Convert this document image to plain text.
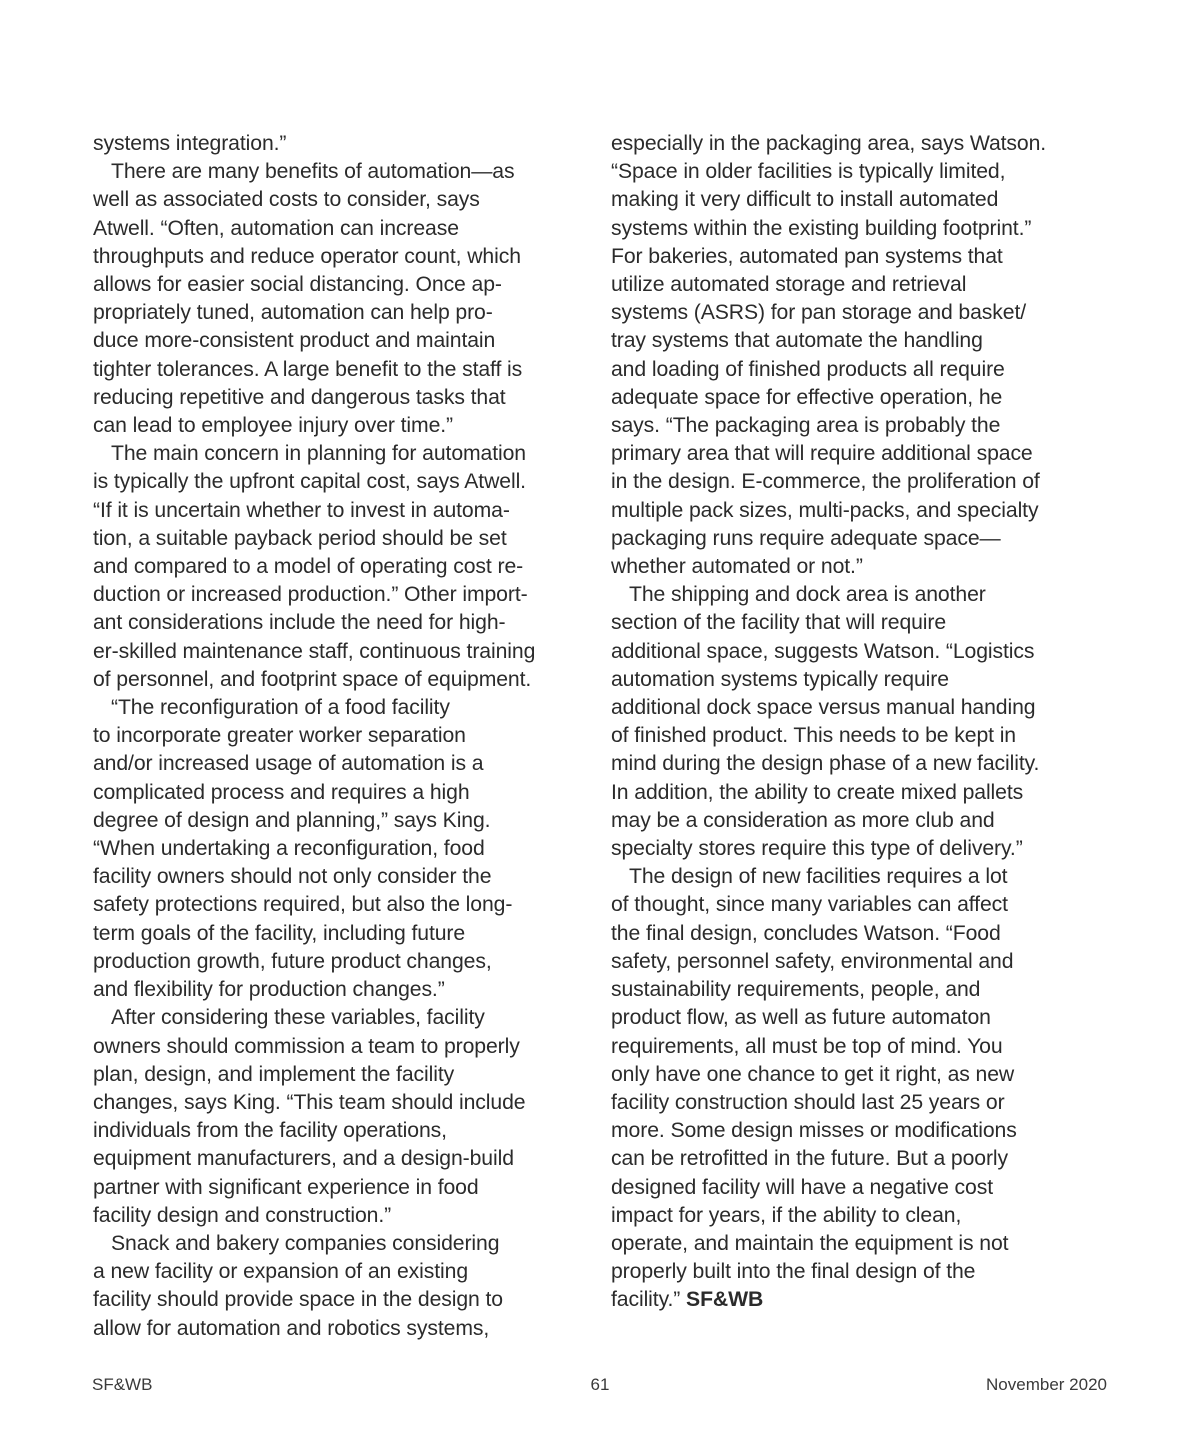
systems integration.”
There are many benefits of automation—as
well as associated costs to consider, says
Atwell. “Often, automation can increase
throughputs and reduce operator count, which
allows for easier social distancing. Once ap-
propriately tuned, automation can help pro-
duce more-consistent product and maintain
tighter tolerances. A large benefit to the staff is
reducing repetitive and dangerous tasks that
can lead to employee injury over time.”
The main concern in planning for automation
is typically the upfront capital cost, says Atwell.
“If it is uncertain whether to invest in automa-
tion, a suitable payback period should be set
and compared to a model of operating cost re-
duction or increased production.” Other import-
ant considerations include the need for high-
er-skilled maintenance staff, continuous training
of personnel, and footprint space of equipment.
“The reconfiguration of a food facility
to incorporate greater worker separation
and/or increased usage of automation is a
complicated process and requires a high
degree of design and planning,” says King.
“When undertaking a reconfiguration, food
facility owners should not only consider the
safety protections required, but also the long-
term goals of the facility, including future
production growth, future product changes,
and flexibility for production changes.”
After considering these variables, facility
owners should commission a team to properly
plan, design, and implement the facility
changes, says King. “This team should include
individuals from the facility operations,
equipment manufacturers, and a design-build
partner with significant experience in food
facility design and construction.”
Snack and bakery companies considering
a new facility or expansion of an existing
facility should provide space in the design to
allow for automation and robotics systems,
especially in the packaging area, says Watson.
“Space in older facilities is typically limited,
making it very difficult to install automated
systems within the existing building footprint.”
For bakeries, automated pan systems that
utilize automated storage and retrieval
systems (ASRS) for pan storage and basket/
tray systems that automate the handling
and loading of finished products all require
adequate space for effective operation, he
says. “The packaging area is probably the
primary area that will require additional space
in the design. E-commerce, the proliferation of
multiple pack sizes, multi-packs, and specialty
packaging runs require adequate space—
whether automated or not.”
The shipping and dock area is another
section of the facility that will require
additional space, suggests Watson. “Logistics
automation systems typically require
additional dock space versus manual handing
of finished product. This needs to be kept in
mind during the design phase of a new facility.
In addition, the ability to create mixed pallets
may be a consideration as more club and
specialty stores require this type of delivery.”
The design of new facilities requires a lot
of thought, since many variables can affect
the final design, concludes Watson. “Food
safety, personnel safety, environmental and
sustainability requirements, people, and
product flow, as well as future automaton
requirements, all must be top of mind. You
only have one chance to get it right, as new
facility construction should last 25 years or
more. Some design misses or modifications
can be retrofitted in the future. But a poorly
designed facility will have a negative cost
impact for years, if the ability to clean,
operate, and maintain the equipment is not
properly built into the final design of the
facility.” SF&WB
SF&WB	61	November 2020
